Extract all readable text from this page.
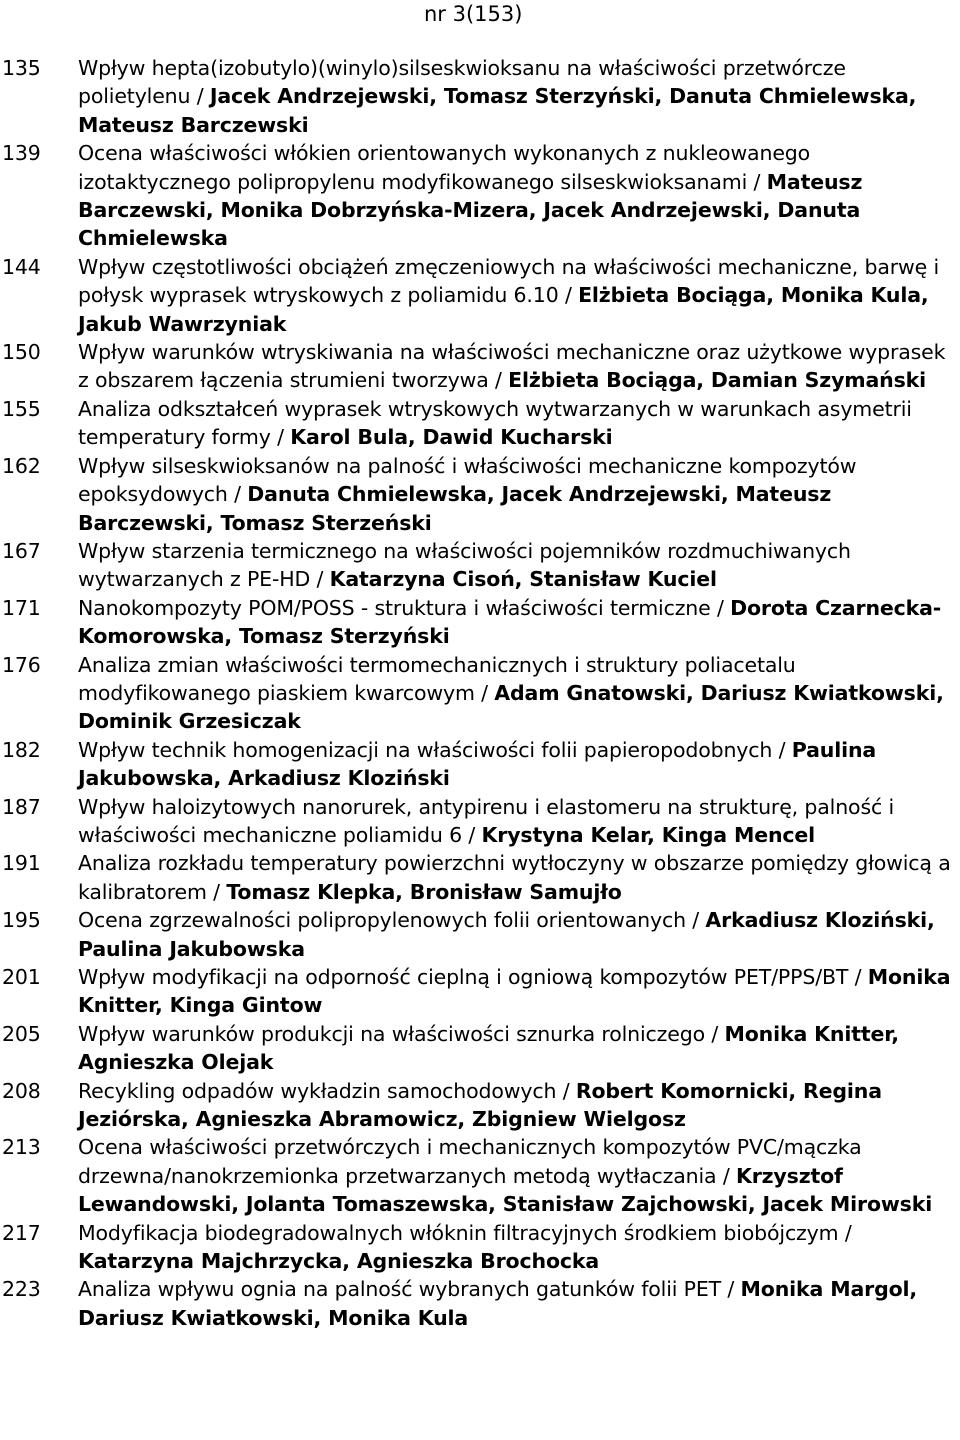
nr 3(153)
135	Wpływ hepta(izobutylo)(winylo)silseskwioksanu na właściwości przetwórcze polietylenu / Jacek Andrzejewski, Tomasz Sterzyński, Danuta Chmielewska, Mateusz Barczewski
139	Ocena właściwości włókien orientowanych wykonanych z nukleowanego izotaktycznego polipropylenu modyfikowanego silseskwioksanami / Mateusz Barczewski, Monika Dobrzyńska-Mizera, Jacek Andrzejewski, Danuta Chmielewska
144	Wpływ częstotliwości obciążeń zmęczeniowych na właściwości mechaniczne, barwę i połysk wyprasek wtryskowych z poliamidu 6.10 / Elżbieta Bociąga, Monika Kula, Jakub Wawrzyniak
150	Wpływ warunków wtryskiwania na właściwości mechaniczne oraz użytkowe wyprasek z obszarem łączenia strumieni tworzywa / Elżbieta Bociąga, Damian Szymański
155	Analiza odkształceń wyprasek wtryskowych wytwarzanych w warunkach asymetrii temperatury formy / Karol Bula, Dawid Kucharski
162	Wpływ silseskwioksanów na palność i właściwości mechaniczne kompozytów epoksydowych / Danuta Chmielewska, Jacek Andrzejewski, Mateusz Barczewski, Tomasz Sterzeński
167	Wpływ starzenia termicznego na właściwości pojemników rozdmuchiwanych wytwarzanych z PE-HD / Katarzyna Cisoń, Stanisław Kuciel
171	Nanokompozyty POM/POSS - struktura i właściwości termiczne / Dorota Czarnecka-Komorowska, Tomasz Sterzyński
176	Analiza zmian właściwości termomechanicznych i struktury poliacetalu modyfikowanego piaskiem kwarcowym / Adam Gnatowski, Dariusz Kwiatkowski, Dominik Grzesiczak
182	Wpływ technik homogenizacji na właściwości folii papieropodobnych / Paulina Jakubowska, Arkadiusz Kloziński
187	Wpływ haloizytowych nanorurek, antypirenu i elastomeru na strukturę, palność i właściwości mechaniczne poliamidu 6 / Krystyna Kelar, Kinga Mencel
191	Analiza rozkładu temperatury powierzchni wytłoczyny w obszarze pomiędzy głowicą a kalibratorem / Tomasz Klepka, Bronisław Samujło
195	Ocena zgrzewalności polipropylenowych folii orientowanych / Arkadiusz Kloziński, Paulina Jakubowska
201	Wpływ modyfikacji na odporność cieplną i ogniową kompozytów PET/PPS/BT / Monika Knitter, Kinga Gintow
205	Wpływ warunków produkcji na właściwości sznurka rolniczego / Monika Knitter, Agnieszka Olejak
208	Recykling odpadów wykładzin samochodowych / Robert Komornicki, Regina Jeziórska, Agnieszka Abramowicz, Zbigniew Wielgosz
213	Ocena właściwości przetwórczych i mechanicznych kompozytów PVC/mączka drzewna/nanokrzemionka przetwarzanych metodą wytłaczania / Krzysztof Lewandowski, Jolanta Tomaszewska, Stanisław Zajchowski, Jacek Mirowski
217	Modyfikacja biodegradowalnych włóknin filtracyjnych środkiem biobójczym / Katarzyna Majchrzycka, Agnieszka Brochocka
223	Analiza wpływu ognia na palność wybranych gatunków folii PET / Monika Margol, Dariusz Kwiatkowski, Monika Kula
